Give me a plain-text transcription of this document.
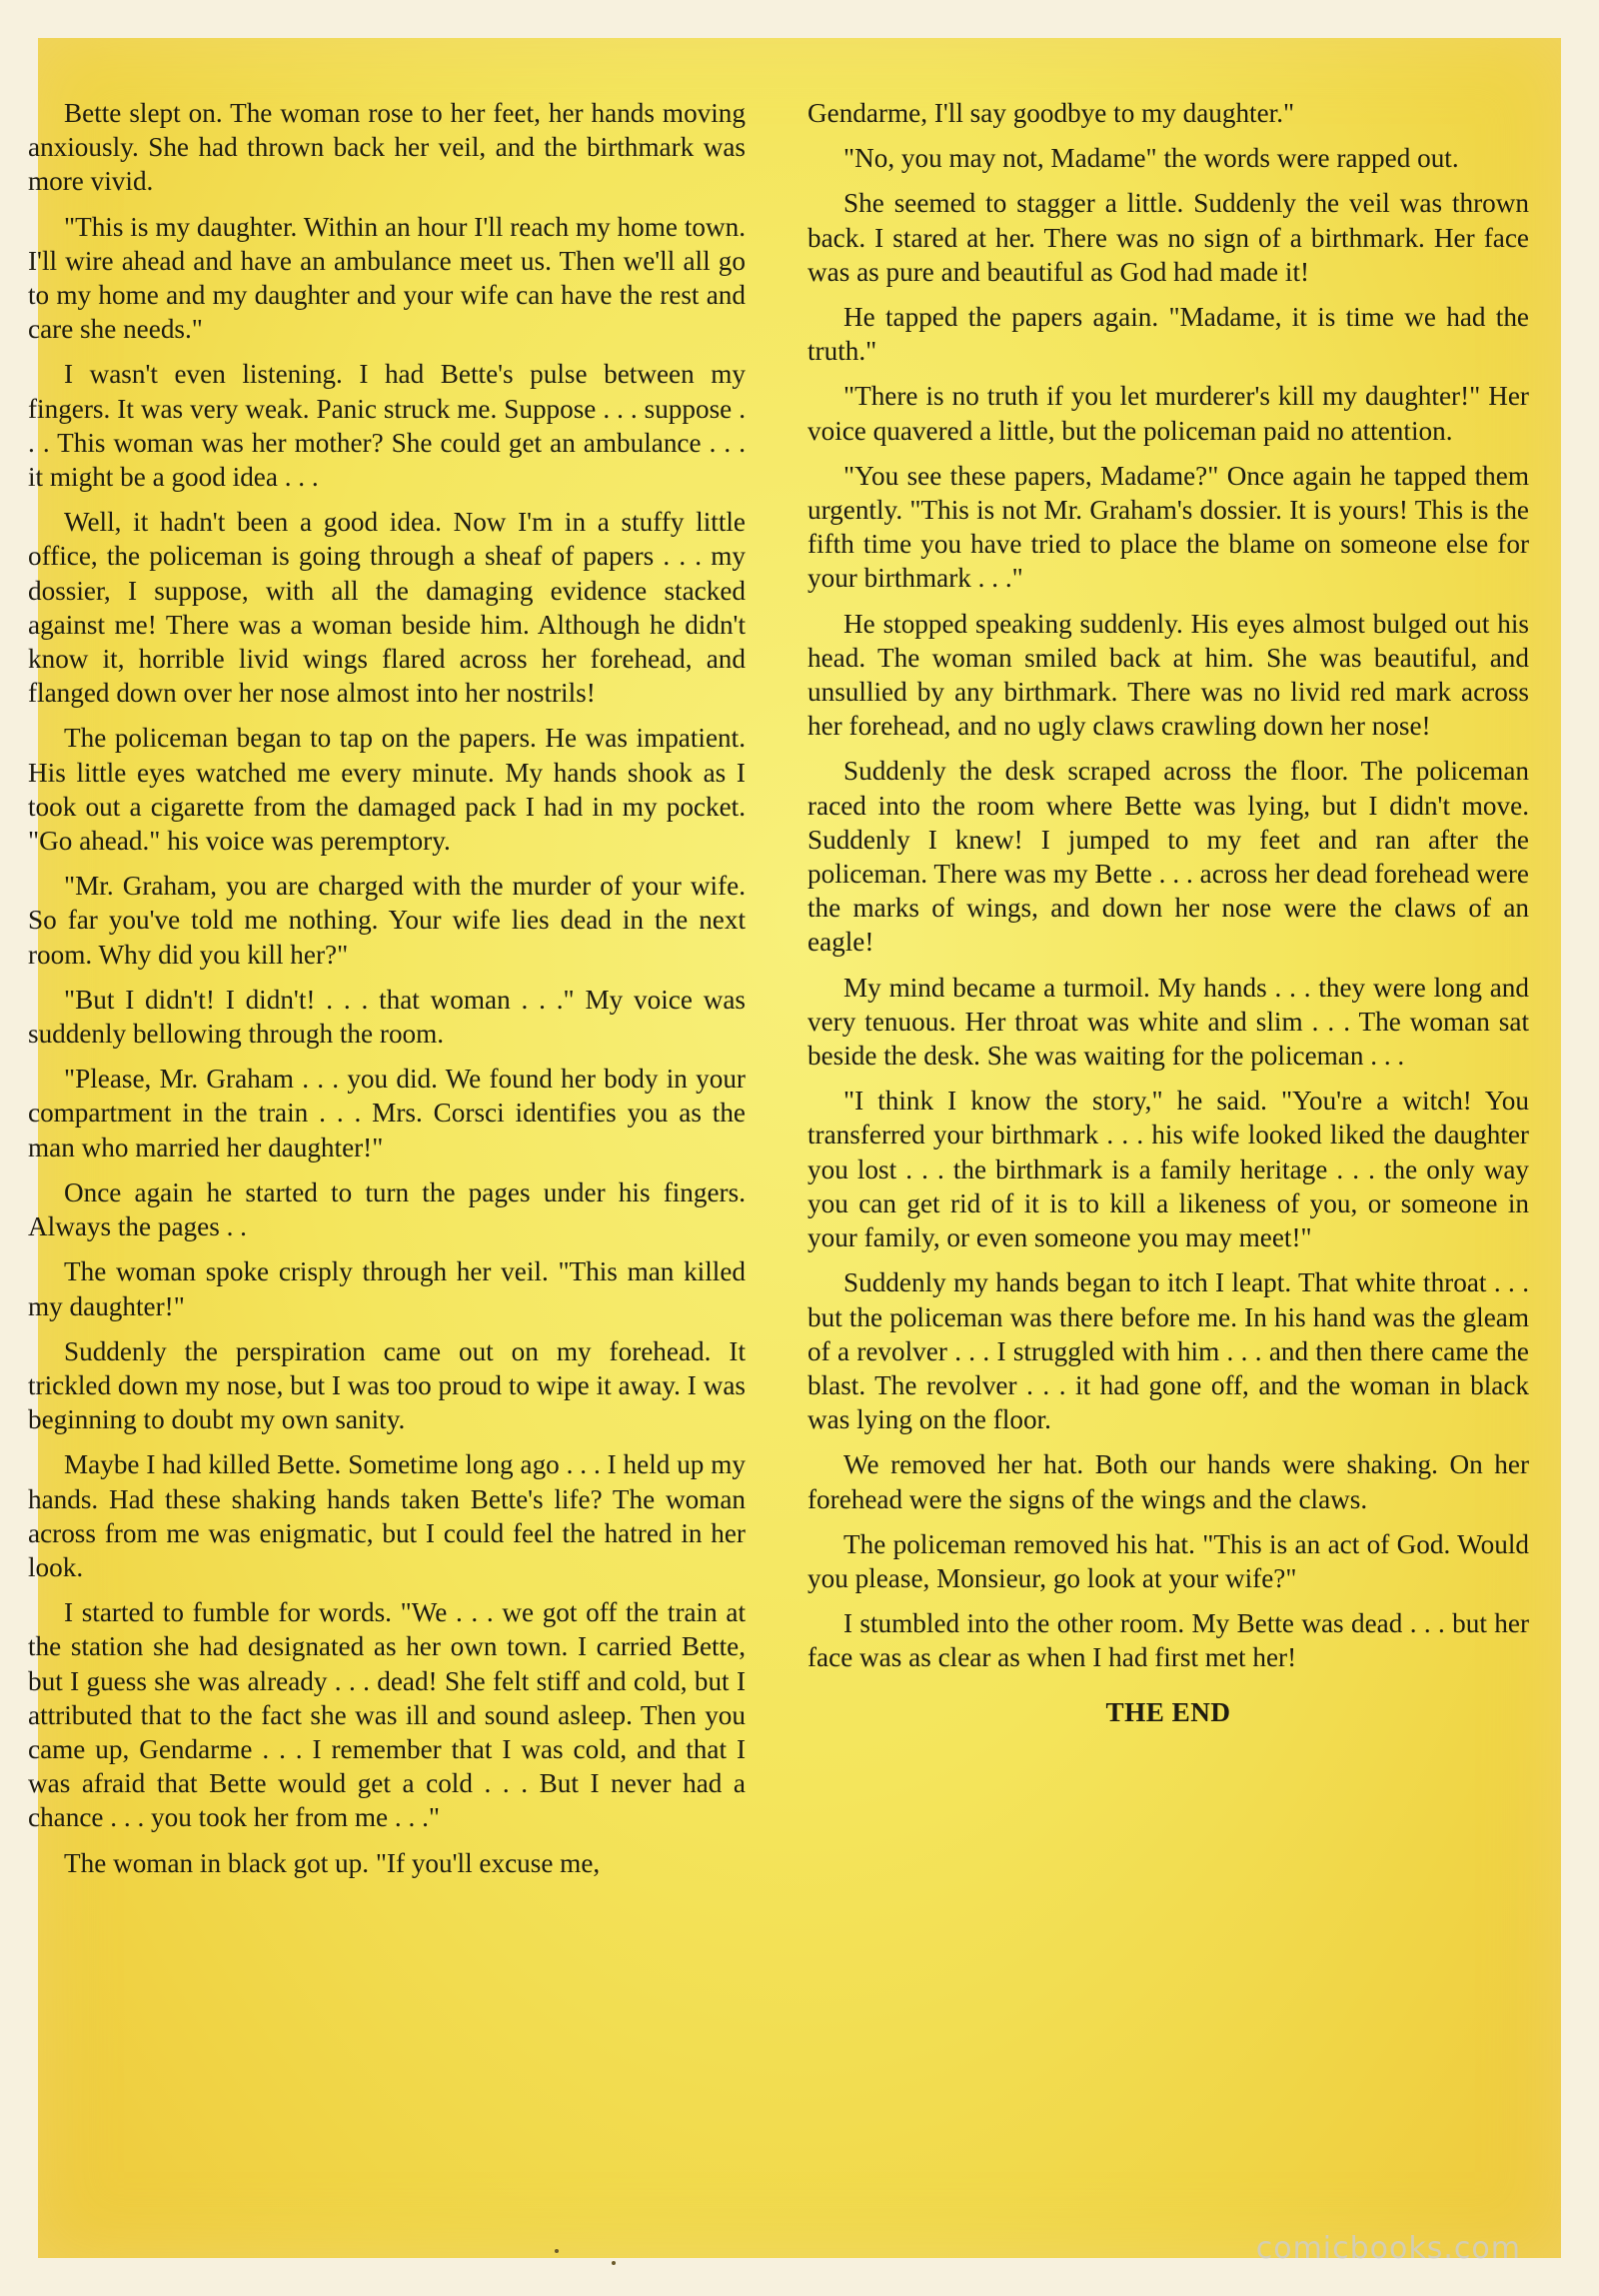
Bette slept on. The woman rose to her feet, her hands moving anxiously. She had thrown back her veil, and the birthmark was more vivid.

"This is my daughter. Within an hour I'll reach my home town. I'll wire ahead and have an ambulance meet us. Then we'll all go to my home and my daughter and your wife can have the rest and care she needs."

I wasn't even listening. I had Bette's pulse between my fingers. It was very weak. Panic struck me. Suppose . . . suppose . . . This woman was her mother? She could get an ambulance . . . it might be a good idea . . .

Well, it hadn't been a good idea. Now I'm in a stuffy little office, the policeman is going through a sheaf of papers . . . my dossier, I suppose, with all the damaging evidence stacked against me! There was a woman beside him. Although he didn't know it, horrible livid wings flared across her forehead, and flanged down over her nose almost into her nostrils!

The policeman began to tap on the papers. He was impatient. His little eyes watched me every minute. My hands shook as I took out a cigarette from the damaged pack I had in my pocket. "Go ahead." his voice was peremptory.

"Mr. Graham, you are charged with the murder of your wife. So far you've told me nothing. Your wife lies dead in the next room. Why did you kill her?"

"But I didn't! I didn't! . . . that woman . . ." My voice was suddenly bellowing through the room.

"Please, Mr. Graham . . . you did. We found her body in your compartment in the train . . . Mrs. Corsci identifies you as the man who married her daughter!"

Once again he started to turn the pages under his fingers. Always the pages . .

The woman spoke crisply through her veil. "This man killed my daughter!"

Suddenly the perspiration came out on my forehead. It trickled down my nose, but I was too proud to wipe it away. I was beginning to doubt my own sanity.

Maybe I had killed Bette. Sometime long ago . . . I held up my hands. Had these shaking hands taken Bette's life? The woman across from me was enigmatic, but I could feel the hatred in her look.

I started to fumble for words. "We . . . we got off the train at the station she had designated as her own town. I carried Bette, but I guess she was already . . . dead! She felt stiff and cold, but I attributed that to the fact she was ill and sound asleep. Then you came up, Gendarme . . . I remember that I was cold, and that I was afraid that Bette would get a cold . . . But I never had a chance . . . you took her from me . . ."

The woman in black got up. "If you'll excuse me,

Gendarme, I'll say goodbye to my daughter."

"No, you may not, Madame" the words were rapped out.

She seemed to stagger a little. Suddenly the veil was thrown back. I stared at her. There was no sign of a birthmark. Her face was as pure and beautiful as God had made it!

He tapped the papers again. "Madame, it is time we had the truth."

"There is no truth if you let murderer's kill my daughter!" Her voice quavered a little, but the policeman paid no attention.

"You see these papers, Madame?" Once again he tapped them urgently. "This is not Mr. Graham's dossier. It is yours! This is the fifth time you have tried to place the blame on someone else for your birthmark . . ."

He stopped speaking suddenly. His eyes almost bulged out his head. The woman smiled back at him. She was beautiful, and unsullied by any birthmark. There was no livid red mark across her forehead, and no ugly claws crawling down her nose!

Suddenly the desk scraped across the floor. The policeman raced into the room where Bette was lying, but I didn't move. Suddenly I knew! I jumped to my feet and ran after the policeman. There was my Bette . . . across her dead forehead were the marks of wings, and down her nose were the claws of an eagle!

My mind became a turmoil. My hands . . . they were long and very tenuous. Her throat was white and slim . . . The woman sat beside the desk. She was waiting for the policeman . . .

"I think I know the story," he said. "You're a witch! You transferred your birthmark . . . his wife looked liked the daughter you lost . . . the birthmark is a family heritage . . . the only way you can get rid of it is to kill a likeness of you, or someone in your family, or even someone you may meet!"

Suddenly my hands began to itch I leapt. That white throat . . . but the policeman was there before me. In his hand was the gleam of a revolver . . . I struggled with him . . . and then there came the blast. The revolver . . . it had gone off, and the woman in black was lying on the floor.

We removed her hat. Both our hands were shaking. On her forehead were the signs of the wings and the claws.

The policeman removed his hat. "This is an act of God. Would you please, Monsieur, go look at your wife?"

I stumbled into the other room. My Bette was dead . . . but her face was as clear as when I had first met her!

THE END

comicbooks.com
